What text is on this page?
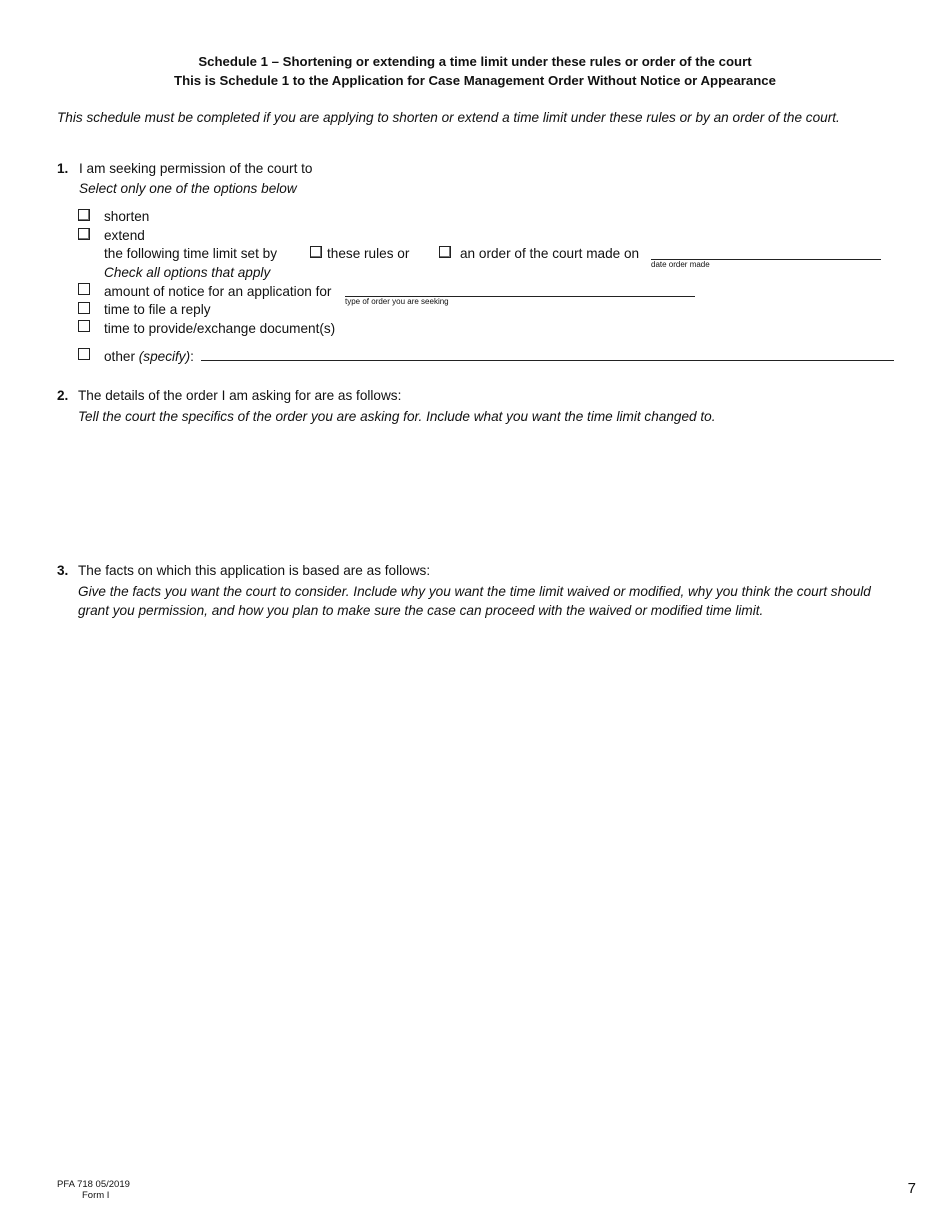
Schedule 1 – Shortening or extending a time limit under these rules or order of the court
This is Schedule 1 to the Application for Case Management Order Without Notice or Appearance
This schedule must be completed if you are applying to shorten or extend a time limit under these rules or by an order of the court.
1. I am seeking permission of the court to
Select only one of the options below
shorten
extend
the following time limit set by	these rules or	an order of the court made on
date order made
Check all options that apply
amount of notice for an application for
type of order you are seeking
time to file a reply
time to provide/exchange document(s)
other (specify):
2. The details of the order I am asking for are as follows:
Tell the court the specifics of the order you are asking for. Include what you want the time limit changed to.
3. The facts on which this application is based are as follows:
Give the facts you want the court to consider. Include why you want the time limit waived or modified, why you think the court should
grant you permission, and how you plan to make sure the case can proceed with the waived or modified time limit.
PFA 718 05/2019
Form I	7
